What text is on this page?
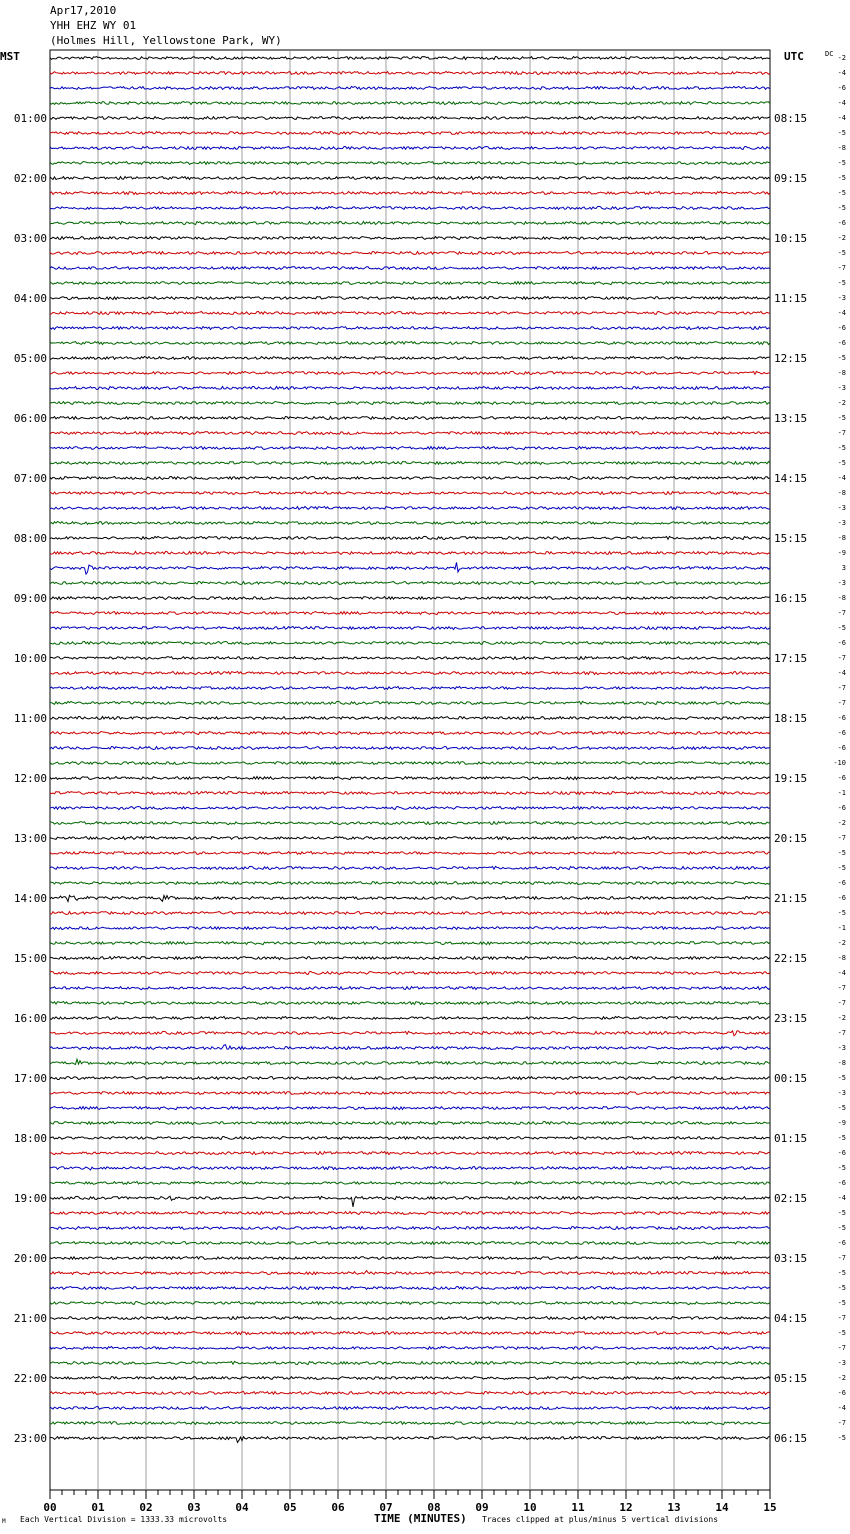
01:00
02:00
03:00
04:00
05:00
06:00
07:00
08:00
09:00
10:00
11:00
12:00
13:00
14:00
15:00
16:00
17:00
18:00
19:00
20:00
21:00
22:00
23:00
08:15
09:15
10:15
11:15
12:15
13:15
14:15
15:15
16:15
17:15
18:15
19:15
20:15
21:15
22:15
23:15
00:15
01:15
02:15
03:15
04:15
05:15
06:15
-2
-4
-6
-4
-4
-5
-8
-5
-5
-5
-5
-6
-2
-5
-7
-5
-3
-4
-6
-6
-5
-8
-3
-2
-5
-7
-5
-5
-4
-8
-3
-3
-8
-9
3
-3
-8
-7
-5
-6
-7
-4
-7
-7
-6
-6
-6
-10
-6
-1
-6
-2
-7
-5
-5
-6
-6
-5
-1
-2
-8
-4
-7
-7
-2
-7
-3
-8
-5
-3
-5
-9
-5
-6
-5
-6
-4
-5
-5
-6
-7
-5
-5
-5
-7
-5
-7
-3
-2
-6
-4
-7
-5
00	01	02	03	04	05	06	07	08	09	10	11	12	13	14	15
Apr17,2010
YHH EHZ WY 01
(Holmes Hill, Yellowstone Park, WY)
MST	UTC	DC
M Each Vertical Division = 1333.33 microvolts	TIME (MINUTES) Traces clipped at plus/minus 5 vertical divisions
